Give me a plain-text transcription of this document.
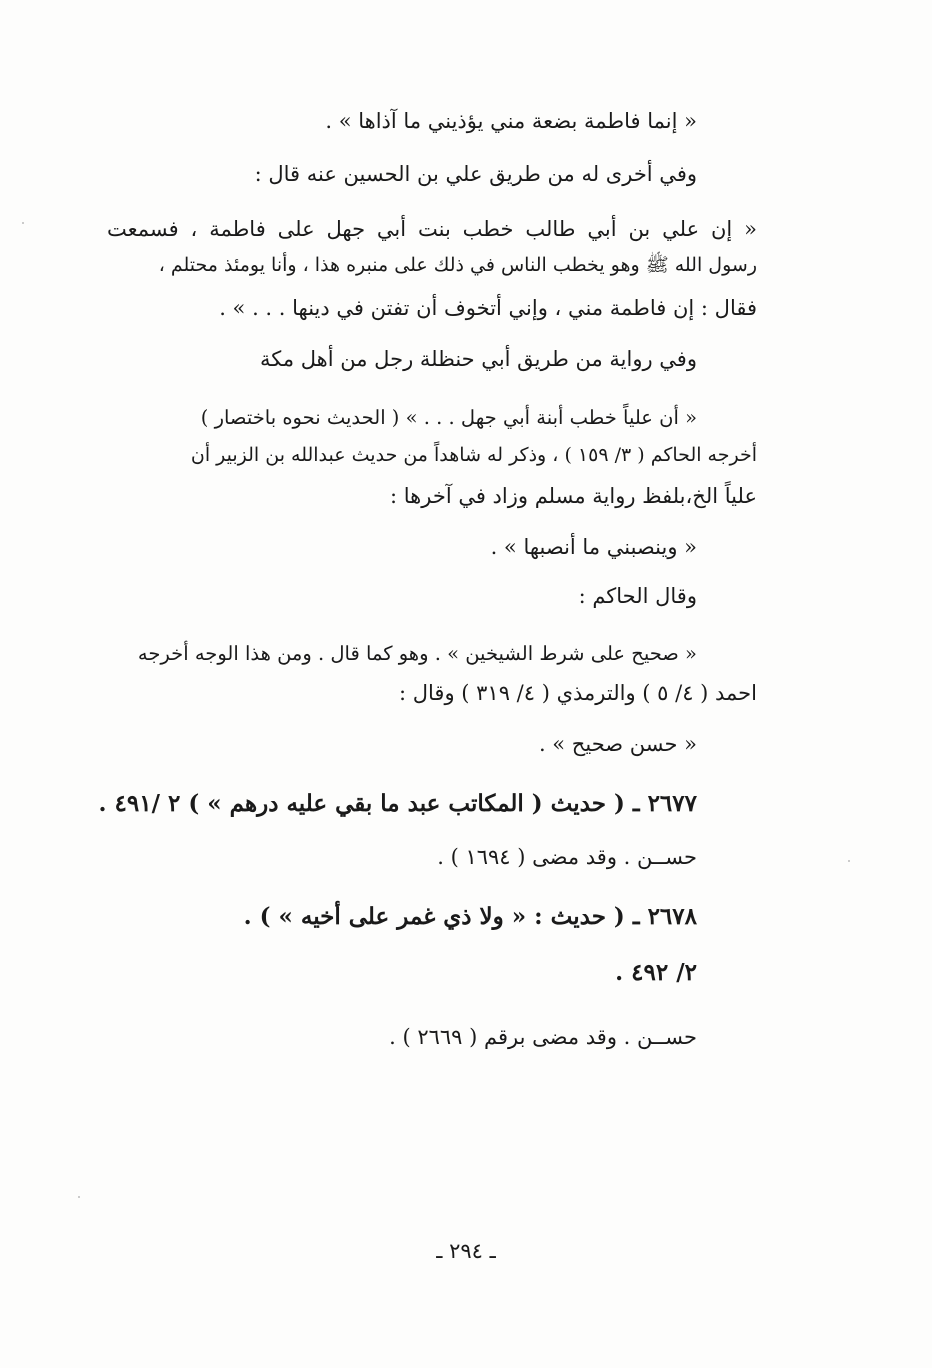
« إنما فاطمة بضعة مني يؤذيني ما آذاها » .

وفي أخرى له من طريق علي بن الحسين عنه قال :

« إن علي بن أبي طالب خطب بنت أبي جهل على فاطمة ، فسمعت

رسول الله ﷺ وهو يخطب الناس في ذلك على منبره هذا ، وأنا يومئذ محتلم ،

فقال : إن فاطمة مني ، وإني أتخوف أن تفتن في دينها . . . » .

وفي رواية من طريق أبي حنظلة رجل من أهل مكة

« أن علياً خطب أبنة أبي جهل . . . » ( الحديث نحوه باختصار )

أخرجه الحاكم ( ٣/ ١٥٩ ) ، وذكر له شاهداً من حديث عبدالله بن الزبير أن

علياً الخ،بلفظ رواية مسلم وزاد في آخرها :

« وينصبني ما أنصبها » .

وقال الحاكم :

« صحيح على شرط الشيخين » . وهو كما قال . ومن هذا الوجه أخرجه

احمد ( ٤/ ٥ ) والترمذي ( ٤/ ٣١٩ ) وقال :

« حسن صحيح » .

٢٦٧٧ ـ ( حديث ( المكاتب عبد ما بقي عليه درهم » ) ٢ /٤٩١ .

حســن . وقد مضى ( ١٦٩٤ ) .

٢٦٧٨ ـ ( حديث : « ولا ذي غمر على أخيه » ) .

٢/ ٤٩٢ .

حســن . وقد مضى برقم ( ٢٦٦٩ ) .

ـ ٢٩٤ ـ
